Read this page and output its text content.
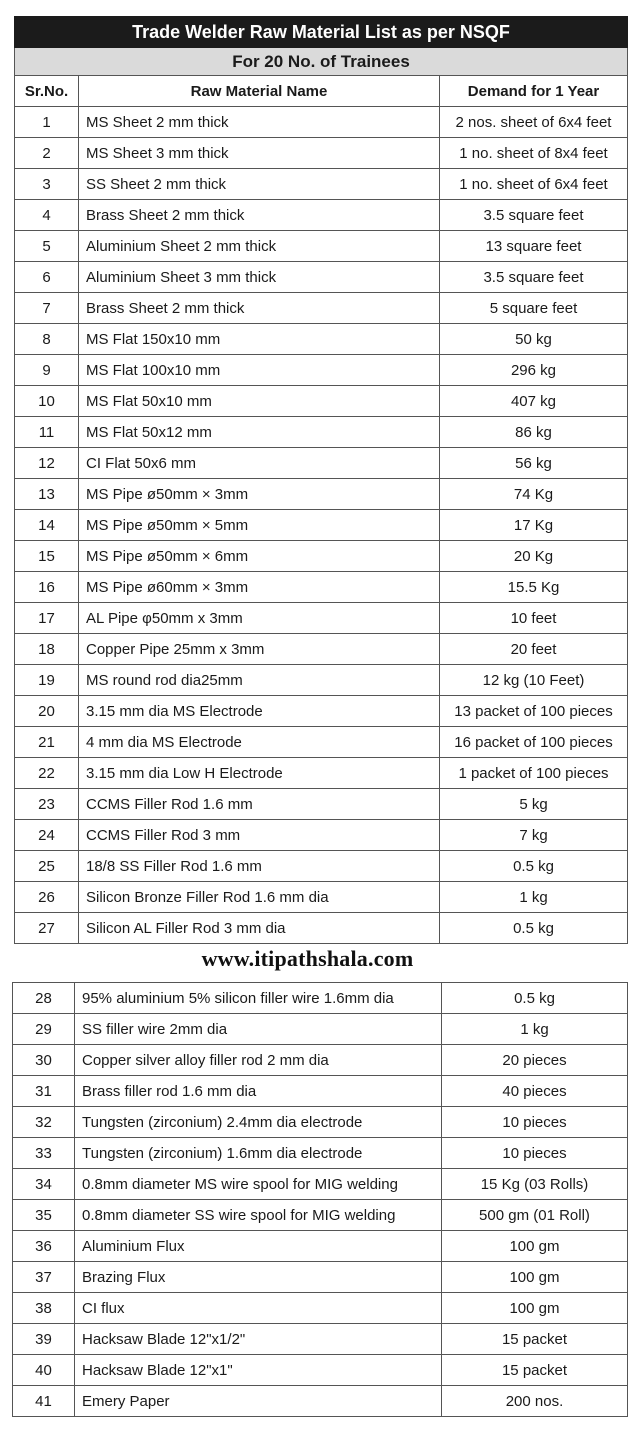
Trade Welder Raw Material List as per NSQF		
For 20 No. of Trainees		
Sr.No.	Raw Material Name	Demand for 1 Year
1	MS Sheet 2 mm thick	2 nos. sheet of 6x4 feet
2	MS Sheet 3 mm thick	1 no. sheet of 8x4 feet
3	SS Sheet 2 mm thick	1 no. sheet of 6x4 feet
4	Brass Sheet 2 mm thick	3.5 square feet
5	Aluminium Sheet 2 mm thick	13 square feet
6	Aluminium Sheet 3 mm thick	3.5 square feet
7	Brass Sheet 2 mm thick	5 square feet
8	MS Flat 150x10 mm	50 kg
9	MS Flat 100x10 mm	296 kg
10	MS Flat 50x10 mm	407 kg
11	MS Flat 50x12 mm	86 kg
12	CI Flat 50x6 mm	56 kg
13	MS Pipe ø50mm × 3mm	74 Kg
14	MS Pipe ø50mm × 5mm	17 Kg
15	MS Pipe ø50mm × 6mm	20 Kg
16	MS Pipe ø60mm × 3mm	15.5 Kg
17	AL Pipe φ50mm x 3mm	10 feet
18	Copper Pipe 25mm x 3mm	20 feet
19	MS round rod dia25mm	12 kg (10 Feet)
20	3.15 mm dia MS Electrode	13 packet of 100 pieces
21	4 mm dia MS Electrode	16 packet of 100 pieces
22	3.15 mm dia Low H Electrode	1 packet of 100 pieces
23	CCMS Filler Rod 1.6 mm	5 kg
24	CCMS Filler Rod 3 mm	7 kg
25	18/8 SS Filler Rod 1.6 mm	0.5 kg
26	Silicon Bronze Filler Rod 1.6 mm dia	1 kg
27	Silicon AL Filler Rod 3 mm dia	0.5 kg
www.itipathshala.com
28	95% aluminium 5% silicon filler wire 1.6mm dia	0.5 kg
29	SS filler wire 2mm dia	1 kg
30	Copper silver alloy filler rod 2 mm dia	20 pieces
31	Brass filler rod 1.6 mm dia	40 pieces
32	Tungsten (zirconium) 2.4mm dia electrode	10 pieces
33	Tungsten (zirconium) 1.6mm dia electrode	10 pieces
34	0.8mm diameter MS wire spool for MIG welding	15 Kg (03 Rolls)
35	0.8mm diameter SS wire spool for MIG welding	500 gm (01 Roll)
36	Aluminium Flux	100 gm
37	Brazing Flux	100 gm
38	CI flux	100 gm
39	Hacksaw Blade 12"x1/2"	15 packet
40	Hacksaw Blade 12"x1"	15 packet
41	Emery Paper	200 nos.
